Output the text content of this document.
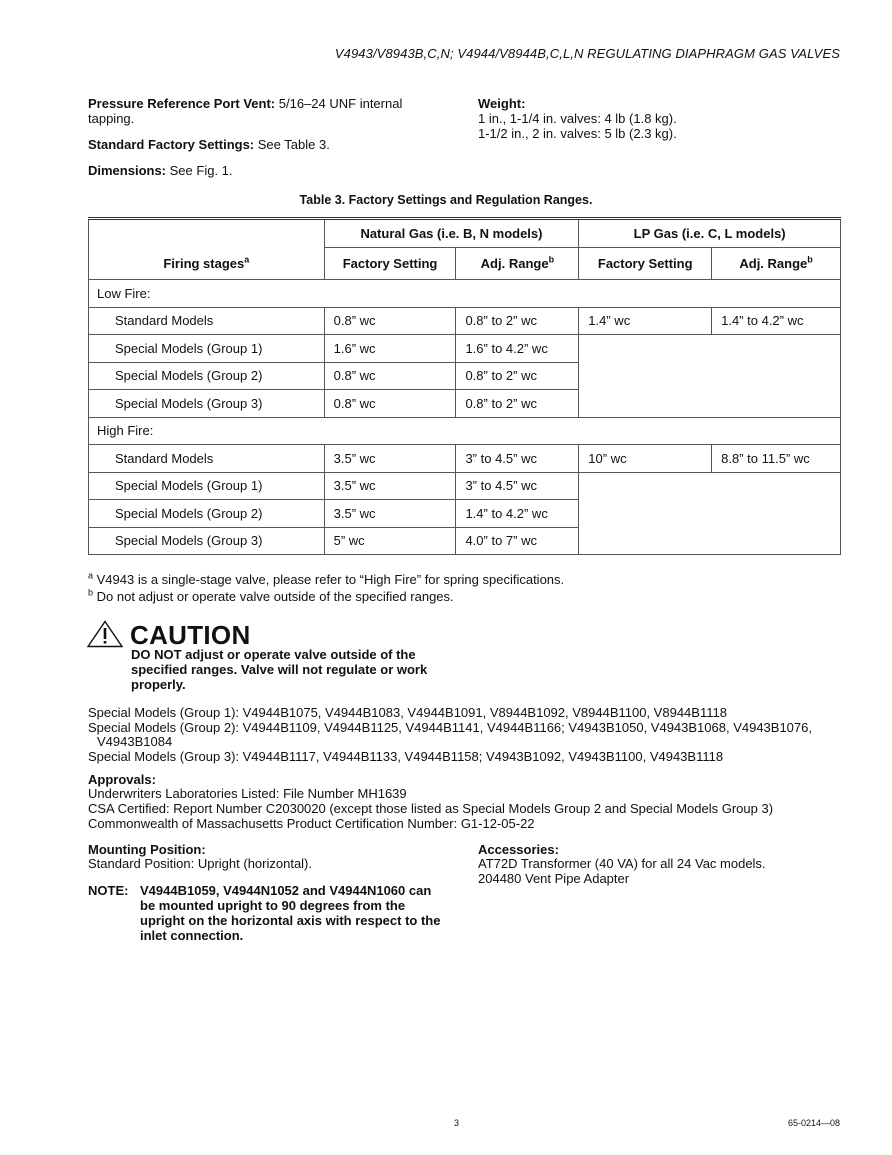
V4943/V8943B,C,N; V4944/V8944B,C,L,N REGULATING DIAPHRAGM GAS VALVES
Pressure Reference Port Vent: 5/16–24 UNF internal
tapping.
Standard Factory Settings: See Table 3.
Dimensions: See Fig. 1.
Weight:
1 in., 1-1/4 in. valves: 4 lb (1.8 kg).
1-1/2 in., 2 in. valves: 5 lb (2.3 kg).
Table 3. Factory Settings and Regulation Ranges.
	Natural Gas (i.e. B, N models)		LP Gas (i.e. C, L models)	
Firing stages$^a$	Factory Setting	Adj. Range$^b$	Factory Setting	Adj. Range$^b$
Low Fire:				
Standard Models	0.8” wc	0.8” to 2” wc	1.4” wc	1.4” to 4.2” wc
Special Models (Group 1)	1.6” wc	1.6” to 4.2” wc		
Special Models (Group 2)	0.8” wc	0.8” to 2” wc		
Special Models (Group 3)	0.8” wc	0.8” to 2” wc		
High Fire:				
Standard Models	3.5” wc	3” to 4.5” wc	10” wc	8.8” to 11.5” wc
Special Models (Group 1)	3.5” wc	3” to 4.5” wc		
Special Models (Group 2)	3.5” wc	1.4” to 4.2” wc		
Special Models (Group 3)	5” wc	4.0” to 7” wc		
$^a$ V4943 is a single-stage valve, please refer to “High Fire” for spring specifications.
$^b$ Do not adjust or operate valve outside of the specified ranges.
CAUTION
DO NOT adjust or operate valve outside of the
specified ranges. Valve will not regulate or work
properly.
Special Models (Group 1): V4944B1075, V4944B1083, V4944B1091, V8944B1092, V8944B1100, V8944B1118
Special Models (Group 2): V4944B1109, V4944B1125, V4944B1141, V4944B1166; V4943B1050, V4943B1068, V4943B1076,
V4943B1084
Special Models (Group 3): V4944B1117, V4944B1133, V4944B1158; V4943B1092, V4943B1100, V4943B1118
Approvals:
Underwriters Laboratories Listed: File Number MH1639
CSA Certified: Report Number C2030020 (except those listed as Special Models Group 2 and Special Models Group 3)
Commonwealth of Massachusetts Product Certification Number: G1-12-05-22
Mounting Position:
Standard Position: Upright (horizontal).
Accessories:
AT72D Transformer (40 VA) for all 24 Vac models.
204480 Vent Pipe Adapter
NOTE: V4944B1059, V4944N1052 and V4944N1060 can
be mounted upright to 90 degrees from the
upright on the horizontal axis with respect to the
inlet connection.
3	65-0214—08
